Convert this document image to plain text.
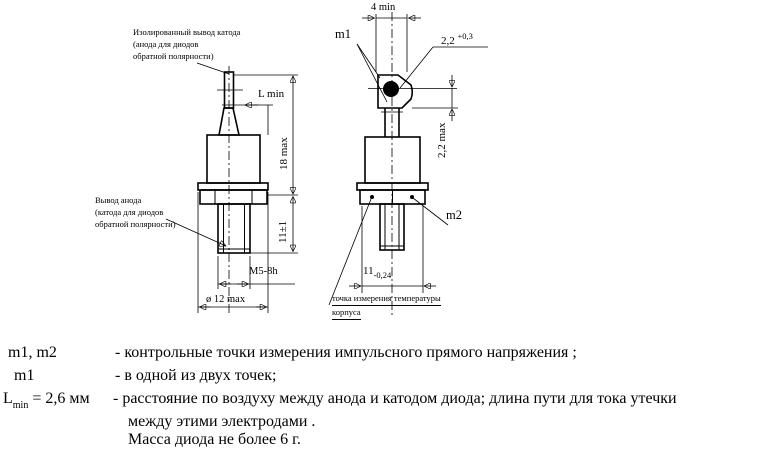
Изолированный вывод катода
(анода для диодов
обратной полярности)
Вывод анода
(катода для диодов
обратной полярности)
L min
18 max
11±1
M5-8h
ø 12 max
4 min
m1	2,2 $^{+0,3}$
2,2 max
m2
$11_{-0,24}$
точка измерения температуры
корпуса
m1, m2	- контрольные точки измерения импульсного прямого напряжения ;
m1	- в одной из двух точек;
$L_{min} = 2,6$ мм - расстояние по воздуху между анода и катодом диода; длина пути для тока утечки
между этими электродами .
Масса диода не более 6 г.
